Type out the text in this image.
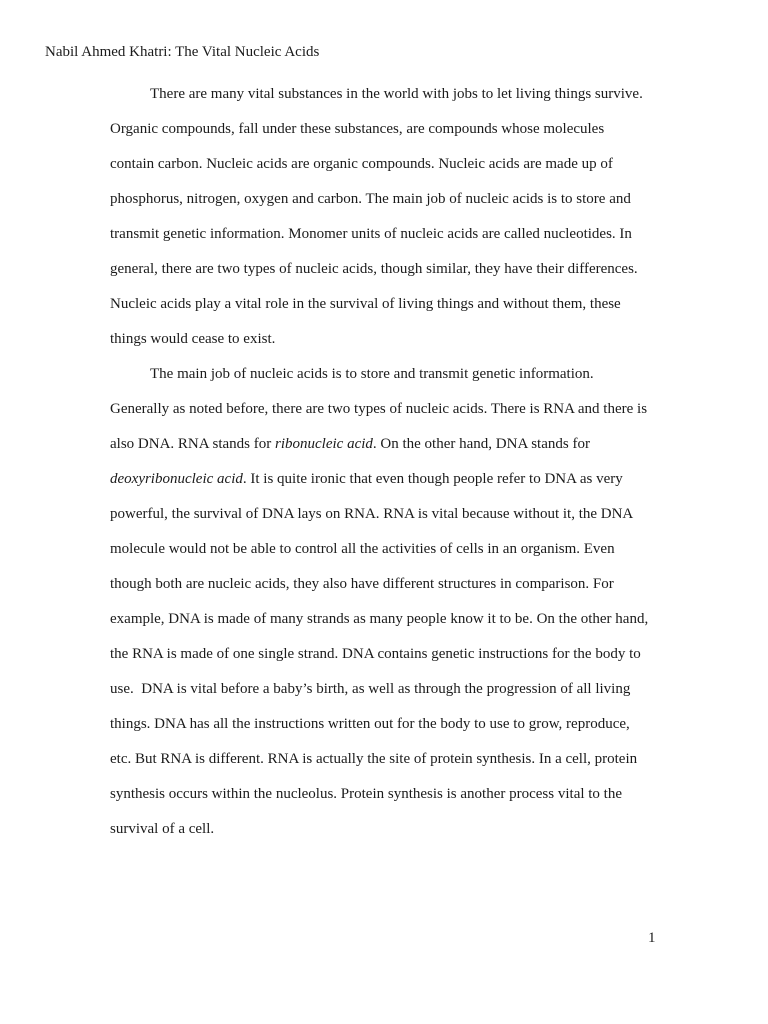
Nabil Ahmed Khatri: The Vital Nucleic Acids
There are many vital substances in the world with jobs to let living things survive.
Organic compounds, fall under these substances, are compounds whose molecules
contain carbon. Nucleic acids are organic compounds. Nucleic acids are made up of
phosphorus, nitrogen, oxygen and carbon. The main job of nucleic acids is to store and
transmit genetic information. Monomer units of nucleic acids are called nucleotides. In
general, there are two types of nucleic acids, though similar, they have their differences.
Nucleic acids play a vital role in the survival of living things and without them, these
things would cease to exist.
The main job of nucleic acids is to store and transmit genetic information.
Generally as noted before, there are two types of nucleic acids. There is RNA and there is
also DNA. RNA stands for ribonucleic acid. On the other hand, DNA stands for
deoxyribonucleic acid. It is quite ironic that even though people refer to DNA as very
powerful, the survival of DNA lays on RNA. RNA is vital because without it, the DNA
molecule would not be able to control all the activities of cells in an organism. Even
though both are nucleic acids, they also have different structures in comparison. For
example, DNA is made of many strands as many people know it to be. On the other hand,
the RNA is made of one single strand. DNA contains genetic instructions for the body to
use.  DNA is vital before a baby’s birth, as well as through the progression of all living
things. DNA has all the instructions written out for the body to use to grow, reproduce,
etc. But RNA is different. RNA is actually the site of protein synthesis. In a cell, protein
synthesis occurs within the nucleolus. Protein synthesis is another process vital to the
survival of a cell.
1
